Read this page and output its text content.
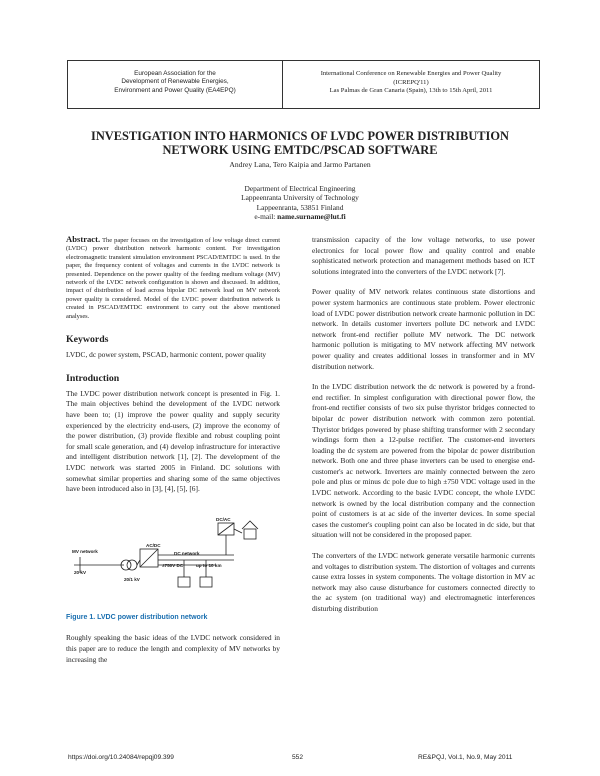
European Association for the
Development of Renewable Energies,
Environment and Power Quality (EA4EPQ)
International Conference on Renewable Energies and Power Quality
(ICREPQ'11)
Las Palmas de Gran Canaria (Spain), 13th to 15th April, 2011
INVESTIGATION INTO HARMONICS OF LVDC POWER DISTRIBUTION
NETWORK USING EMTDC/PSCAD SOFTWARE
Andrey Lana, Tero Kaipia and Jarmo Partanen
Department of Electrical Engineering
Lappeenranta University of Technology
Lappeenranta, 53851 Finland
e-mail: name.surname@lut.fi
Abstract. The paper focuses on the investigation of low voltage direct current (LVDC) power distribution network harmonic content. For investigation electromagnetic transient simulation environment PSCAD/EMTDC is used. In the paper, the frequency content of voltages and currents in the LVDC network is presented. Dependence on the power quality of the feeding medium voltage (MV) network of the LVDC network configuration is shown and discussed. In addition, impact of distribution of load across bipolar DC network load on MV network power quality is considered. Model of the LVDC power distribution network is created in PSCAD/EMTDC environment to carry out the above mentioned analyses.
Keywords
LVDC, dc power system, PSCAD, harmonic content, power quality
Introduction
The LVDC power distribution network concept is presented in Fig. 1. The main objectives behind the development of the LVDC network have been to; (1) improve the power quality and supply security experienced by the electricity end-users, (2) improve the economy of the power distribution, (3) provide flexible and robust coupling point for small scale generation, and (4) develop infrastructure for interactive and intelligent distribution network [1], [2]. The development of the LVDC network was started 2005 in Finland. DC solutions with somewhat similar properties and sharing some of the same objectives have been introduced also in [3], [4], [5], [6].
MV network
20 kV
AC/DC
DC network
±750V DC	up to 10 km
20/1 kV
DC/AC
Figure 1. LVDC power distribution network
Roughly speaking the basic ideas of the LVDC network considered in this paper are to reduce the length and complexity of MV networks by increasing the
transmission capacity of the low voltage networks, to use power electronics for local power flow and quality control and enable sophisticated network protection and management methods based on ICT solutions integrated into the converters of the LVDC network [7].
Power quality of MV network relates continuous state distortions and power system harmonics are continuous state problem. Power electronic load of LVDC power distribution network create harmonic pollution in DC network. In details customer inverters pollute DC network and LVDC network front-end rectifier pollute MV network. The DC network harmonic pollution is mitigating to MV network affecting MV network power quality and creates additional losses in transformer and in MV distribution network.
In the LVDC distribution network the dc network is powered by a frond-end rectifier. In simplest configuration with directional power flow, the front-end rectifier consists of two six pulse thyristor bridges connected to bipolar dc power distribution network with common zero potential. Thyristor bridges powered by phase shifting transformer with 2 secondary windings form then a 12-pulse rectifier. The customer-end inverters loading the dc system are powered from the bipolar dc power distribution network. Both one and three phase inverters can be used to energise end-customer's ac network. Inverters are mainly connected between the zero pole and plus or minus dc pole due to high ±750 VDC voltage used in the LVDC network. According to the basic LVDC concept, the whole LVDC network is owned by the local distribution company and the connection point of customers is at ac side of the inverter devices. In some special cases the customer's coupling point can also be located in dc side, but that situation will not be considered in the proposed paper.
The converters of the LVDC network generate versatile harmonic currents and voltages to distribution system. The distortion of voltages and currents cause extra losses in system components. The voltage distortion in MV ac network may also cause disturbance for customers connected directly to the ac system (on traditional way) and electromagnetic interferences disturbing distribution
https://doi.org/10.24084/repqj09.399	552	RE&PQJ, Vol.1, No.9, May 2011
